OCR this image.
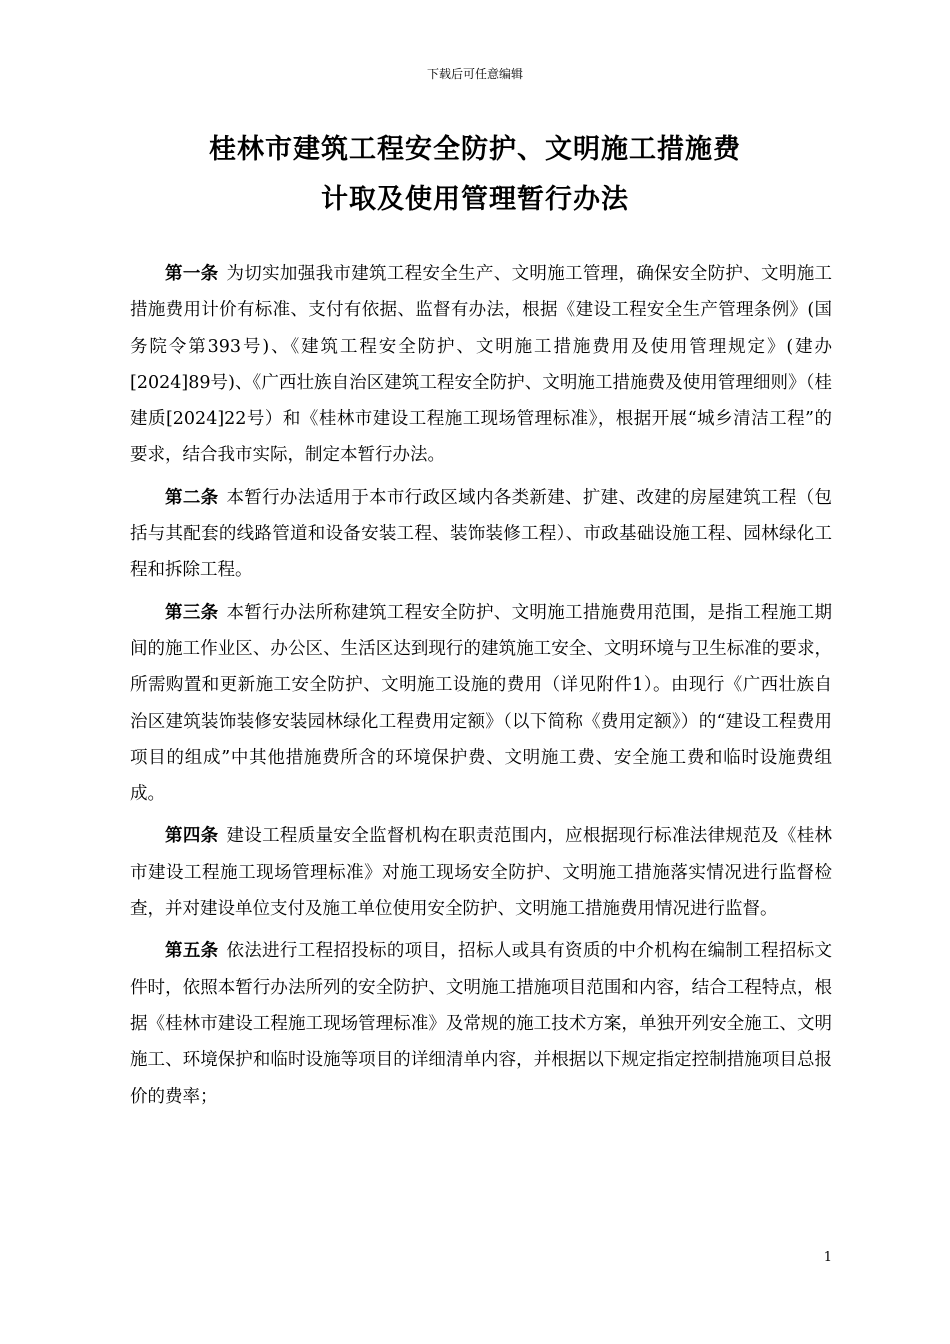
下载后可任意编辑
桂林市建筑工程安全防护、文明施工措施费
计取及使用管理暂行办法

第一条 为切实加强我市建筑工程安全生产、文明施工管理，确保安全防护、文明施工措施费用计价有标准、支付有依据、监督有办法，根据《建设工程安全生产管理条例》(国务院令第393号)、《建筑工程安全防护、文明施工措施费用及使用管理规定》(建办[2024]89号)、《广西壮族自治区建筑工程安全防护、文明施工措施费及使用管理细则》（桂建质[2024]22号）和《桂林市建设工程施工现场管理标准》，根据开展“城乡清洁工程”的要求，结合我市实际，制定本暂行办法。

第二条 本暂行办法适用于本市行政区域内各类新建、扩建、改建的房屋建筑工程（包括与其配套的线路管道和设备安装工程、装饰装修工程）、市政基础设施工程、园林绿化工程和拆除工程。

第三条 本暂行办法所称建筑工程安全防护、文明施工措施费用范围，是指工程施工期间的施工作业区、办公区、生活区达到现行的建筑施工安全、文明环境与卫生标准的要求，所需购置和更新施工安全防护、文明施工设施的费用（详见附件1）。由现行《广西壮族自治区建筑装饰装修安装园林绿化工程费用定额》（以下简称《费用定额》）的“建设工程费用项目的组成”中其他措施费所含的环境保护费、文明施工费、安全施工费和临时设施费组成。

第四条 建设工程质量安全监督机构在职责范围内，应根据现行标准法律规范及《桂林市建设工程施工现场管理标准》对施工现场安全防护、文明施工措施落实情况进行监督检查，并对建设单位支付及施工单位使用安全防护、文明施工措施费用情况进行监督。

第五条 依法进行工程招投标的项目，招标人或具有资质的中介机构在编制工程招标文件时，依照本暂行办法所列的安全防护、文明施工措施项目范围和内容，结合工程特点，根据《桂林市建设工程施工现场管理标准》及常规的施工技术方案，单独开列安全施工、文明施工、环境保护和临时设施等项目的详细清单内容，并根据以下规定指定控制措施项目总报价的费率；

1
